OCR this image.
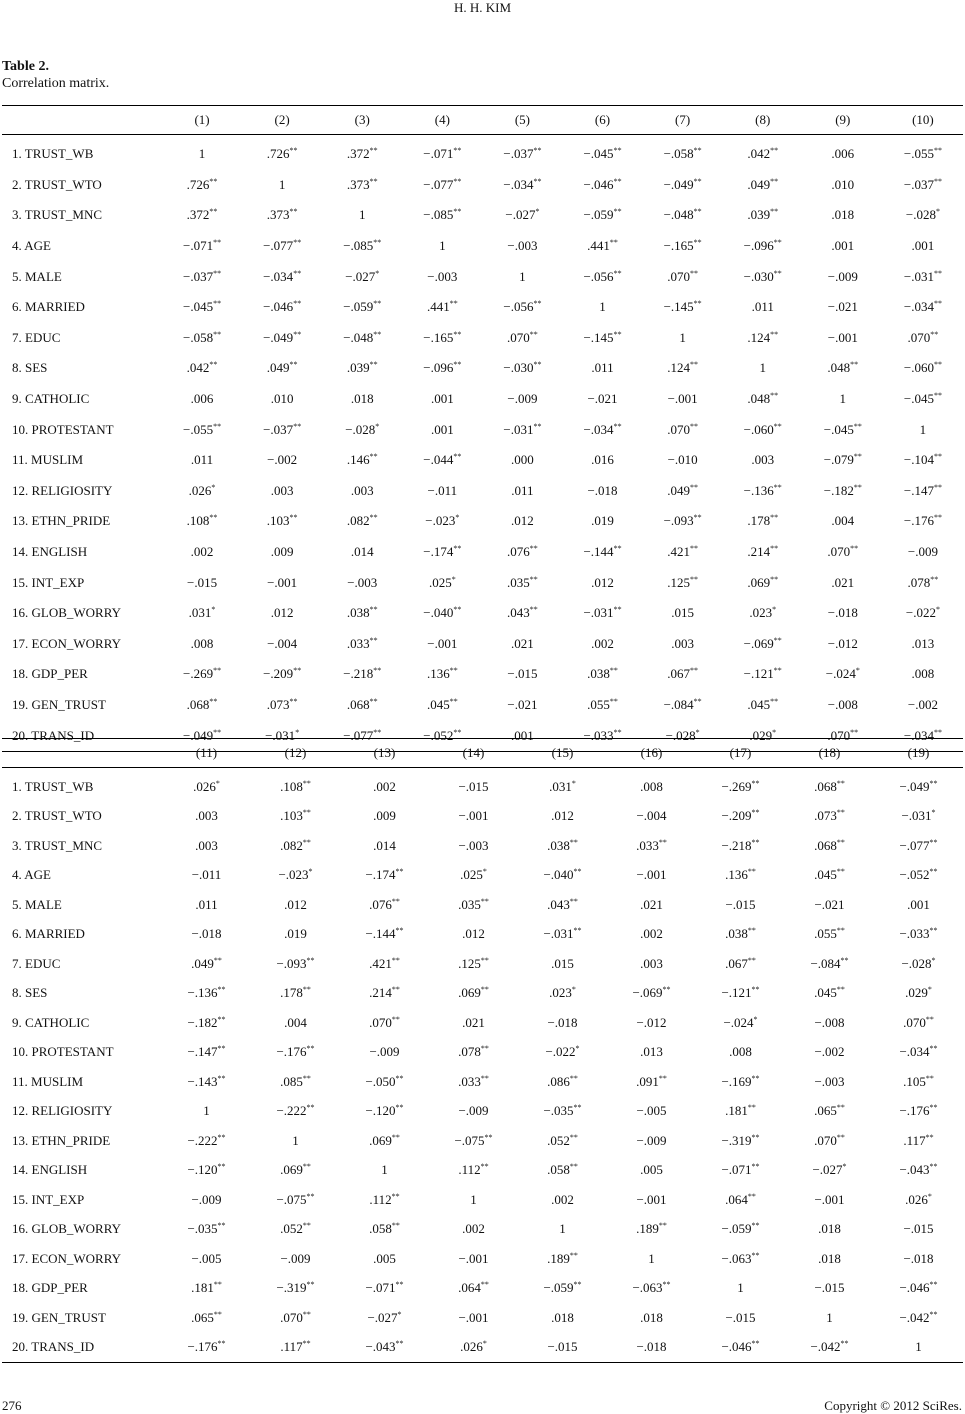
H. H. KIM
Table 2.
Correlation matrix.
	(1)	(2)	(3)	(4)	(5)	(6)	(7)	(8)	(9)	(10)
1. TRUST_WB	1	.726**	.372**	−.071**	−.037**	−.045**	−.058**	.042**	.006	−.055**
2. TRUST_WTO	.726**	1	.373**	−.077**	−.034**	−.046**	−.049**	.049**	.010	−.037**
3. TRUST_MNC	.372**	.373**	1	−.085**	−.027*	−.059**	−.048**	.039**	.018	−.028*
4. AGE	−.071**	−.077**	−.085**	1	−.003	.441**	−.165**	−.096**	.001	.001
5. MALE	−.037**	−.034**	−.027*	−.003	1	−.056**	.070**	−.030**	−.009	−.031**
6. MARRIED	−.045**	−.046**	−.059**	.441**	−.056**	1	−.145**	.011	−.021	−.034**
7. EDUC	−.058**	−.049**	−.048**	−.165**	.070**	−.145**	1	.124**	−.001	.070**
8. SES	.042**	.049**	.039**	−.096**	−.030**	.011	.124**	1	.048**	−.060**
9. CATHOLIC	.006	.010	.018	.001	−.009	−.021	−.001	.048**	1	−.045**
10. PROTESTANT	−.055**	−.037**	−.028*	.001	−.031**	−.034**	.070**	−.060**	−.045**	1
11. MUSLIM	.011	−.002	.146**	−.044**	.000	.016	−.010	.003	−.079**	−.104**
12. RELIGIOSITY	.026*	.003	.003	−.011	.011	−.018	.049**	−.136**	−.182**	−.147**
13. ETHN_PRIDE	.108**	.103**	.082**	−.023*	.012	.019	−.093**	.178**	.004	−.176**
14. ENGLISH	.002	.009	.014	−.174**	.076**	−.144**	.421**	.214**	.070**	−.009
15. INT_EXP	−.015	−.001	−.003	.025*	.035**	.012	.125**	.069**	.021	.078**
16. GLOB_WORRY	.031*	.012	.038**	−.040**	.043**	−.031**	.015	.023*	−.018	−.022*
17. ECON_WORRY	.008	−.004	.033**	−.001	.021	.002	.003	−.069**	−.012	.013
18. GDP_PER	−.269**	−.209**	−.218**	.136**	−.015	.038**	.067**	−.121**	−.024*	.008
19. GEN_TRUST	.068**	.073**	.068**	.045**	−.021	.055**	−.084**	.045**	−.008	−.002
20. TRANS_ID	−.049**	−.031*	−.077**	−.052**	.001	−.033**	−.028*	.029*	.070**	−.034**
	(11)	(12)	(13)	(14)	(15)	(16)	(17)	(18)	(19)
1. TRUST_WB	.026*	.108**	.002	−.015	.031*	.008	−.269**	.068**	−.049**
2. TRUST_WTO	.003	.103**	.009	−.001	.012	−.004	−.209**	.073**	−.031*
3. TRUST_MNC	.003	.082**	.014	−.003	.038**	.033**	−.218**	.068**	−.077**
4. AGE	−.011	−.023*	−.174**	.025*	−.040**	−.001	.136**	.045**	−.052**
5. MALE	.011	.012	.076**	.035**	.043**	.021	−.015	−.021	.001
6. MARRIED	−.018	.019	−.144**	.012	−.031**	.002	.038**	.055**	−.033**
7. EDUC	.049**	−.093**	.421**	.125**	.015	.003	.067**	−.084**	−.028*
8. SES	−.136**	.178**	.214**	.069**	.023*	−.069**	−.121**	.045**	.029*
9. CATHOLIC	−.182**	.004	.070**	.021	−.018	−.012	−.024*	−.008	.070**
10. PROTESTANT	−.147**	−.176**	−.009	.078**	−.022*	.013	.008	−.002	−.034**
11. MUSLIM	−.143**	.085**	−.050**	.033**	.086**	.091**	−.169**	−.003	.105**
12. RELIGIOSITY	1	−.222**	−.120**	−.009	−.035**	−.005	.181**	.065**	−.176**
13. ETHN_PRIDE	−.222**	1	.069**	−.075**	.052**	−.009	−.319**	.070**	.117**
14. ENGLISH	−.120**	.069**	1	.112**	.058**	.005	−.071**	−.027*	−.043**
15. INT_EXP	−.009	−.075**	.112**	1	.002	−.001	.064**	−.001	.026*
16. GLOB_WORRY	−.035**	.052**	.058**	.002	1	.189**	−.059**	.018	−.015
17. ECON_WORRY	−.005	−.009	.005	−.001	.189**	1	−.063**	.018	−.018
18. GDP_PER	.181**	−.319**	−.071**	.064**	−.059**	−.063**	1	−.015	−.046**
19. GEN_TRUST	.065**	.070**	−.027*	−.001	.018	.018	−.015	1	−.042**
20. TRANS_ID	−.176**	.117**	−.043**	.026*	−.015	−.018	−.046**	−.042**	1
276	Copyright © 2012 SciRes.
